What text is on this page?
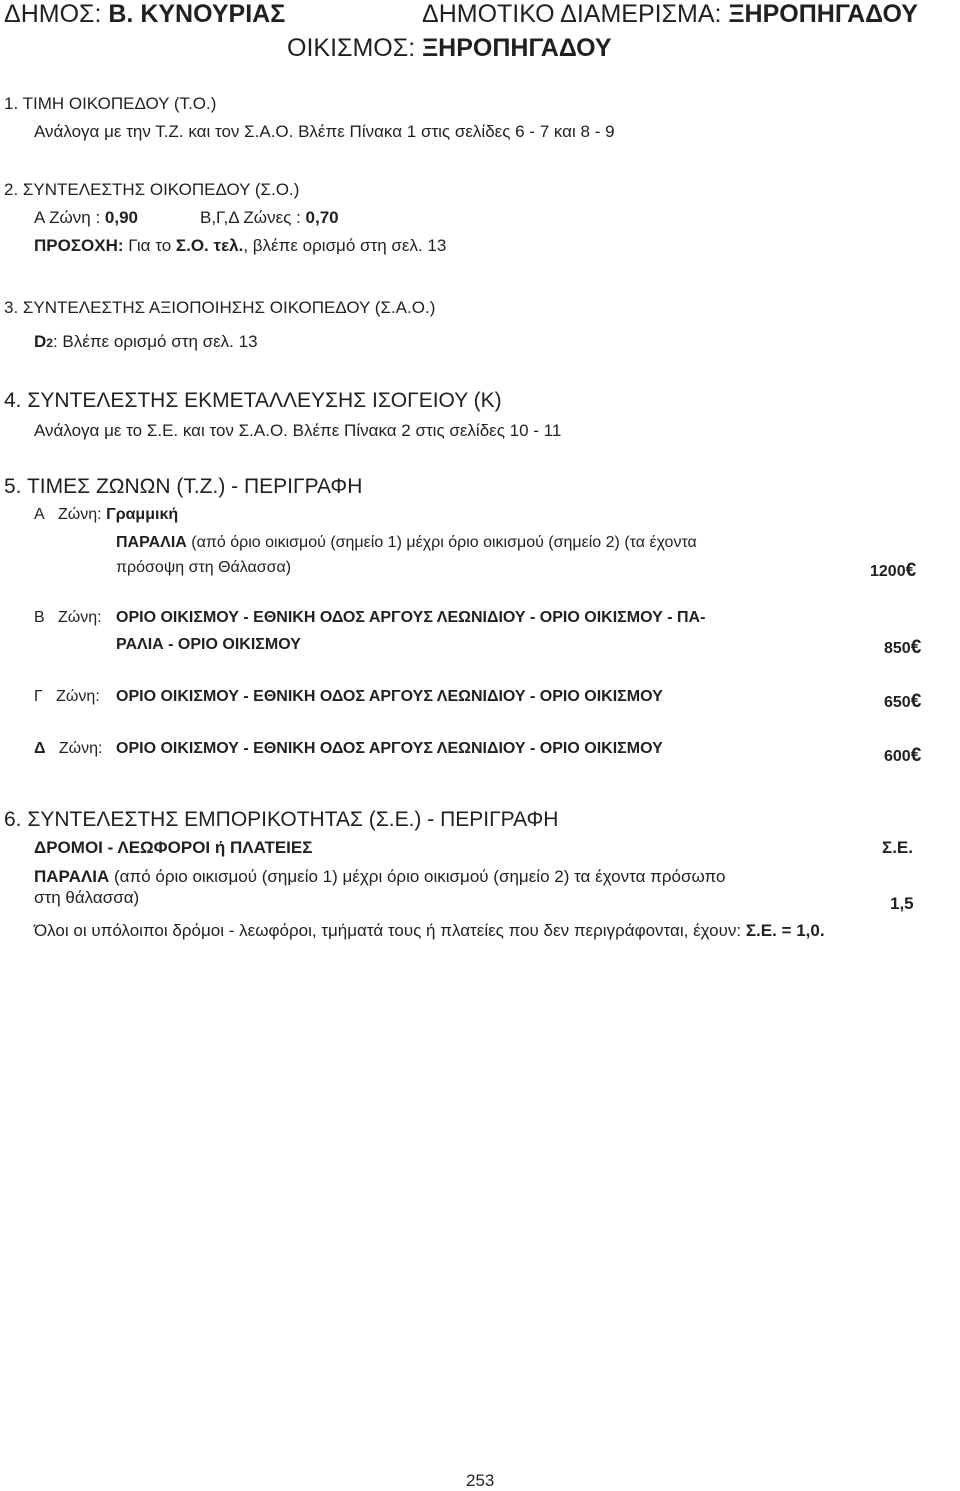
ΔΗΜΟΣ: Β. ΚΥΝΟΥΡΙΑΣ	ΔΗΜΟΤΙΚΟ ΔΙΑΜΕΡΙΣΜΑ: ΞΗΡΟΠΗΓΑΔΟΥ
ΟΙΚΙΣΜΟΣ: ΞΗΡΟΠΗΓΑΔΟΥ
1. ΤΙΜΗ ΟΙΚΟΠΕΔΟΥ (Τ.Ο.)
Ανάλογα με την Τ.Ζ. και τον Σ.Α.Ο. Βλέπε Πίνακα 1 στις σελίδες 6 - 7 και 8 - 9
2. ΣΥΝΤΕΛΕΣΤΗΣ ΟΙΚΟΠΕΔΟΥ (Σ.Ο.)
Α Ζώνη : 0,90	Β,Γ,Δ Ζώνες : 0,70
ΠΡΟΣΟΧΗ: Για το Σ.Ο. τελ., βλέπε ορισμό στη σελ. 13
3. ΣΥΝΤΕΛΕΣΤΗΣ ΑΞΙΟΠΟΙΗΣΗΣ ΟΙΚΟΠΕΔΟΥ (Σ.Α.Ο.)
D2: Βλέπε ορισμό στη σελ. 13
4. ΣΥΝΤΕΛΕΣΤΗΣ ΕΚΜΕΤΑΛΛΕΥΣΗΣ ΙΣΟΓΕΙΟΥ (Κ)
Ανάλογα με το Σ.Ε. και τον Σ.Α.Ο. Βλέπε Πίνακα 2 στις σελίδες 10 - 11
5. ΤΙΜΕΣ ΖΩΝΩΝ (Τ.Ζ.) - ΠΕΡΙΓΡΑΦΗ
Α Ζώνη: Γραμμική
ΠΑΡΑΛΙΑ (από όριο οικισμού (σημείο 1) μέχρι όριο οικισμού (σημείο 2) (τα έχοντα
πρόσοψη στη Θάλασσα)	1200€
Β Ζώνη: ΟΡΙΟ ΟΙΚΙΣΜΟΥ - ΕΘΝΙΚΗ ΟΔΟΣ ΑΡΓΟΥΣ ΛΕΩΝΙΔΙΟΥ - ΟΡΙΟ ΟΙΚΙΣΜΟΥ - ΠΑ-
ΡΑΛΙΑ - ΟΡΙΟ ΟΙΚΙΣΜΟΥ	850€
Γ Ζώνη: ΟΡΙΟ ΟΙΚΙΣΜΟΥ - ΕΘΝΙΚΗ ΟΔΟΣ ΑΡΓΟΥΣ ΛΕΩΝΙΔΙΟΥ - ΟΡΙΟ ΟΙΚΙΣΜΟΥ	650€
Δ Ζώνη: ΟΡΙΟ ΟΙΚΙΣΜΟΥ - ΕΘΝΙΚΗ ΟΔΟΣ ΑΡΓΟΥΣ ΛΕΩΝΙΔΙΟΥ - ΟΡΙΟ ΟΙΚΙΣΜΟΥ	600€
6. ΣΥΝΤΕΛΕΣΤΗΣ ΕΜΠΟΡΙΚΟΤΗΤΑΣ (Σ.Ε.) - ΠΕΡΙΓΡΑΦΗ
ΔΡΟΜΟΙ - ΛΕΩΦΟΡΟΙ ή ΠΛΑΤΕΙΕΣ	Σ.Ε.
ΠΑΡΑΛΙΑ (από όριο οικισμού (σημείο 1) μέχρι όριο οικισμού (σημείο 2) τα έχοντα πρόσωπο
στη θάλασσα)	1,5
Όλοι οι υπόλοιποι δρόμοι - λεωφόροι, τμήματά τους ή πλατείες που δεν περιγράφονται, έχουν: Σ.Ε. = 1,0.
253
